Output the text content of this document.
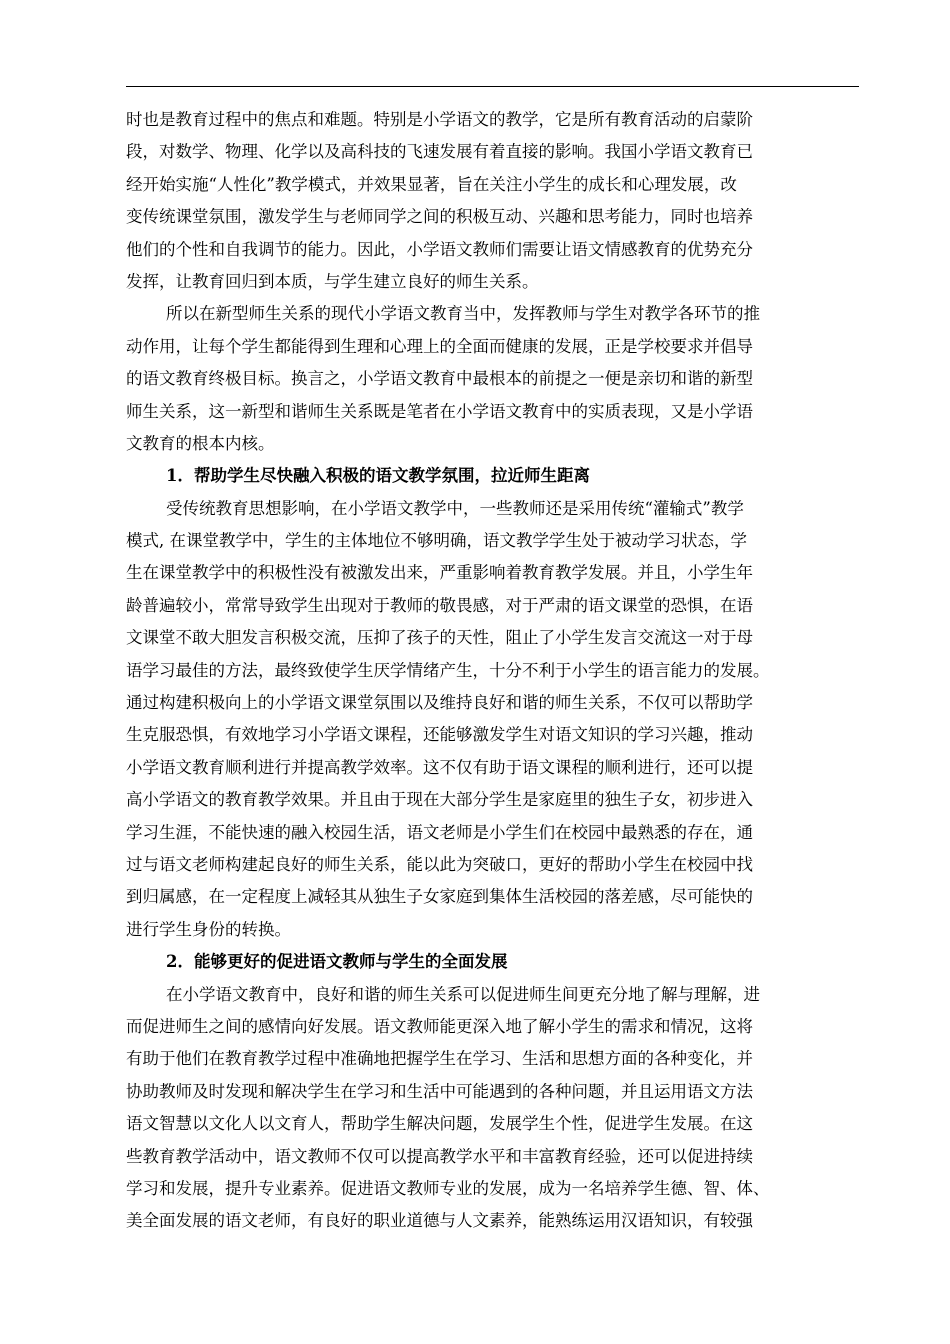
时也是教育过程中的焦点和难题。特别是小学语文的教学，它是所有教育活动的启蒙阶
段，对数学、物理、化学以及高科技的飞速发展有着直接的影响。我国小学语文教育已
经开始实施“人性化”教学模式，并效果显著，旨在关注小学生的成长和心理发展，改
变传统课堂氛围，激发学生与老师同学之间的积极互动、兴趣和思考能力，同时也培养
他们的个性和自我调节的能力。因此，小学语文教师们需要让语文情感教育的优势充分
发挥，让教育回归到本质，与学生建立良好的师生关系。
所以在新型师生关系的现代小学语文教育当中，发挥教师与学生对教学各环节的推
动作用，让每个学生都能得到生理和心理上的全面而健康的发展，正是学校要求并倡导
的语文教育终极目标。换言之，小学语文教育中最根本的前提之一便是亲切和谐的新型
师生关系，这一新型和谐师生关系既是笔者在小学语文教育中的实质表现，又是小学语
文教育的根本内核。
1．帮助学生尽快融入积极的语文教学氛围，拉近师生距离
受传统教育思想影响，在小学语文教学中，一些教师还是采用传统“灌输式”教学
模式, 在课堂教学中，学生的主体地位不够明确，语文教学学生处于被动学习状态，学
生在课堂教学中的积极性没有被激发出来，严重影响着教育教学发展。并且，小学生年
龄普遍较小，常常导致学生出现对于教师的敬畏感，对于严肃的语文课堂的恐惧，在语
文课堂不敢大胆发言积极交流，压抑了孩子的天性，阻止了小学生发言交流这一对于母
语学习最佳的方法，最终致使学生厌学情绪产生，十分不利于小学生的语言能力的发展。
通过构建积极向上的小学语文课堂氛围以及维持良好和谐的师生关系，不仅可以帮助学
生克服恐惧，有效地学习小学语文课程，还能够激发学生对语文知识的学习兴趣，推动
小学语文教育顺利进行并提高教学效率。这不仅有助于语文课程的顺利进行，还可以提
高小学语文的教育教学效果。并且由于现在大部分学生是家庭里的独生子女，初步进入
学习生涯，不能快速的融入校园生活，语文老师是小学生们在校园中最熟悉的存在，通
过与语文老师构建起良好的师生关系，能以此为突破口，更好的帮助小学生在校园中找
到归属感，在一定程度上减轻其从独生子女家庭到集体生活校园的落差感，尽可能快的
进行学生身份的转换。
2．能够更好的促进语文教师与学生的全面发展
在小学语文教育中，良好和谐的师生关系可以促进师生间更充分地了解与理解，进
而促进师生之间的感情向好发展。语文教师能更深入地了解小学生的需求和情况，这将
有助于他们在教育教学过程中准确地把握学生在学习、生活和思想方面的各种变化，并
协助教师及时发现和解决学生在学习和生活中可能遇到的各种问题，并且运用语文方法
语文智慧以文化人以文育人，帮助学生解决问题，发展学生个性，促进学生发展。在这
些教育教学活动中，语文教师不仅可以提高教学水平和丰富教育经验，还可以促进持续
学习和发展，提升专业素养。促进语文教师专业的发展，成为一名培养学生德、智、体、
美全面发展的语文老师，有良好的职业道德与人文素养，能熟练运用汉语知识，有较强
